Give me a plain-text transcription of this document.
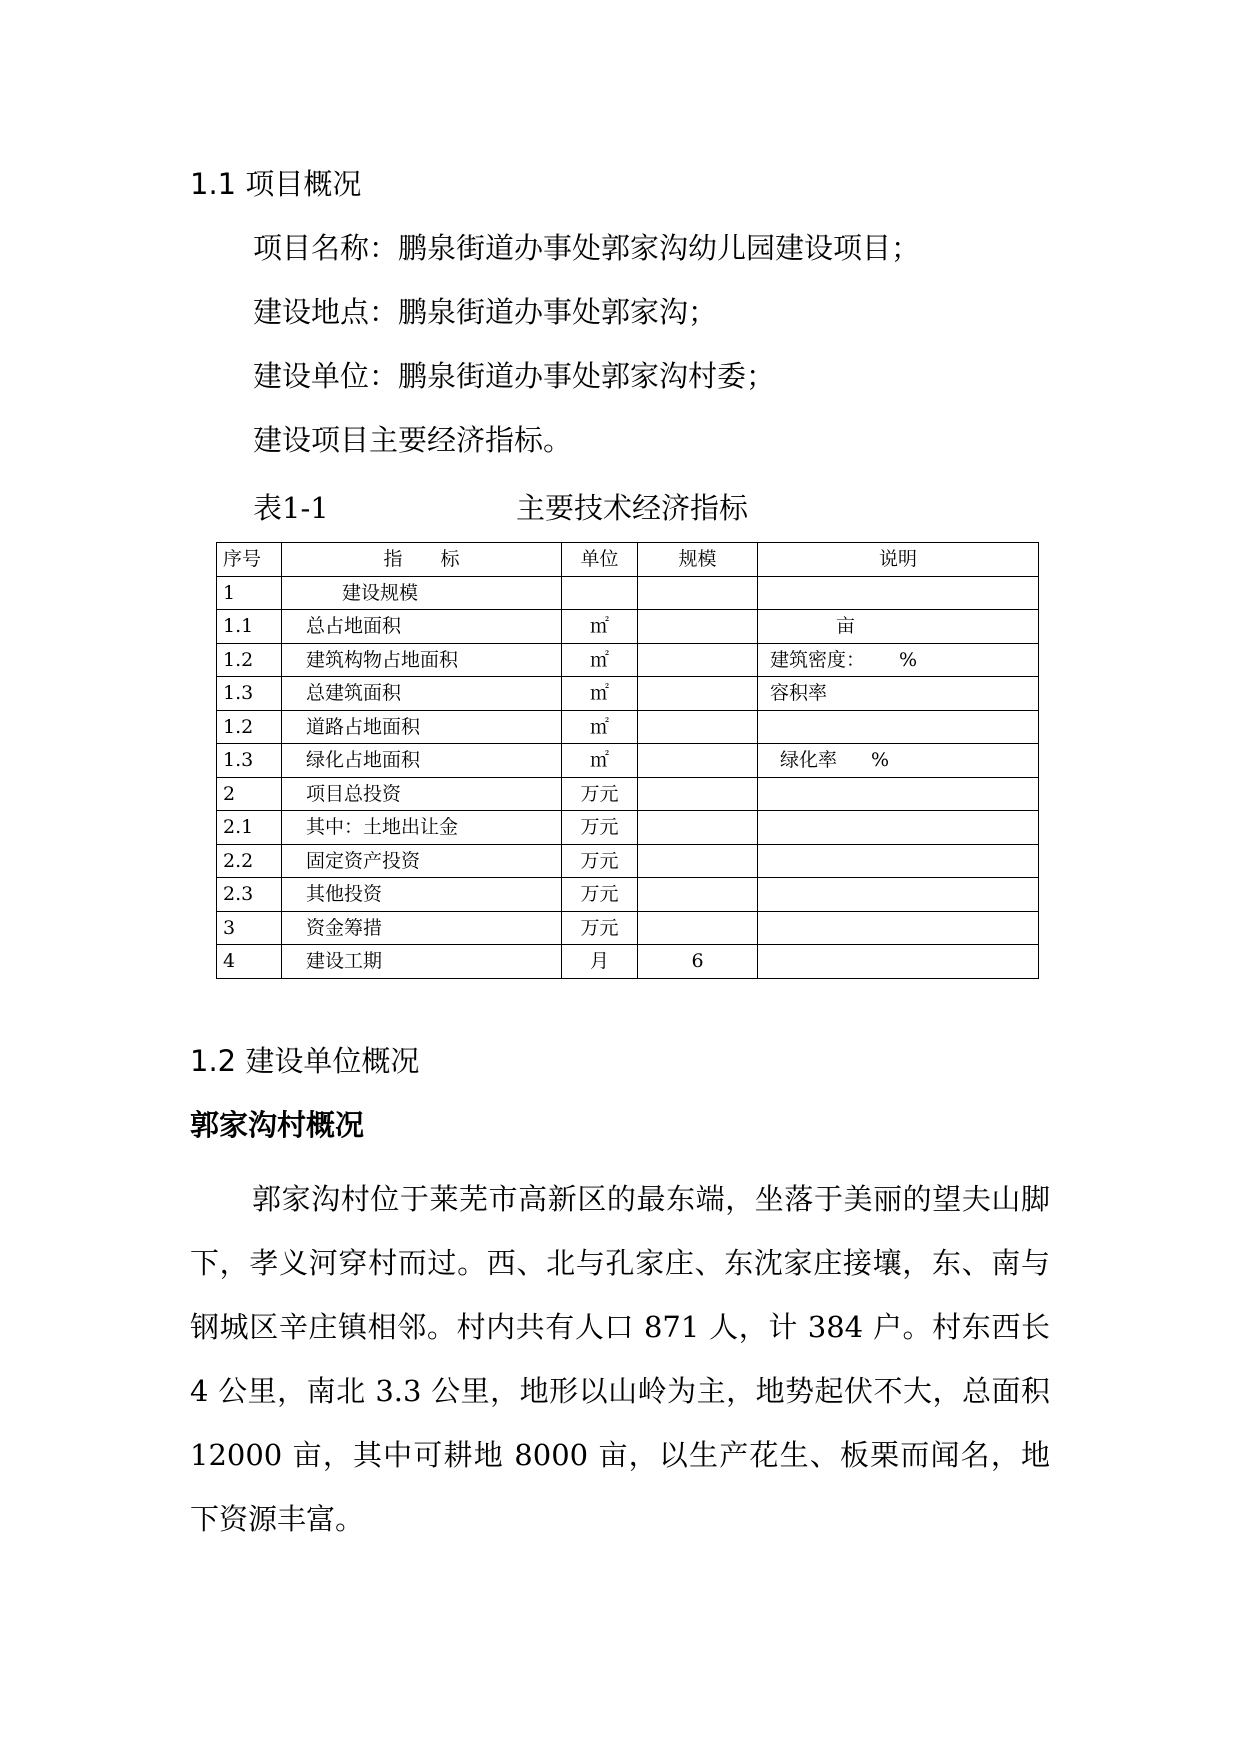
1.1 项目概况
项目名称：鹏泉街道办事处郭家沟幼儿园建设项目；
建设地点：鹏泉街道办事处郭家沟；
建设单位：鹏泉街道办事处郭家沟村委；
建设项目主要经济指标。
表1-1	主要技术经济指标
序号	指　　标	单位	规模	说明
1	建设规模			
1.1	总占地面积	㎡		亩
1.2	建筑构物占地面积	㎡		建筑密度： %
1.3	总建筑面积	㎡		容积率
1.2	道路占地面积	㎡		
1.3	绿化占地面积	㎡		绿化率 %
2	项目总投资	万元		
2.1	其中：土地出让金	万元		
2.2	固定资产投资	万元		
2.3	其他投资	万元		
3	资金筹措	万元		
4	建设工期	月	6	
1.2 建设单位概况
郭家沟村概况
郭家沟村位于莱芜市高新区的最东端，坐落于美丽的望夫山脚下，孝义河穿村而过。西、北与孔家庄、东沈家庄接壤，东、南与钢城区辛庄镇相邻。村内共有人口 871 人，计 384 户。村东西长 4 公里，南北 3.3 公里，地形以山岭为主，地势起伏不大，总面积 12000 亩，其中可耕地 8000 亩，以生产花生、板栗而闻名，地下资源丰富。
